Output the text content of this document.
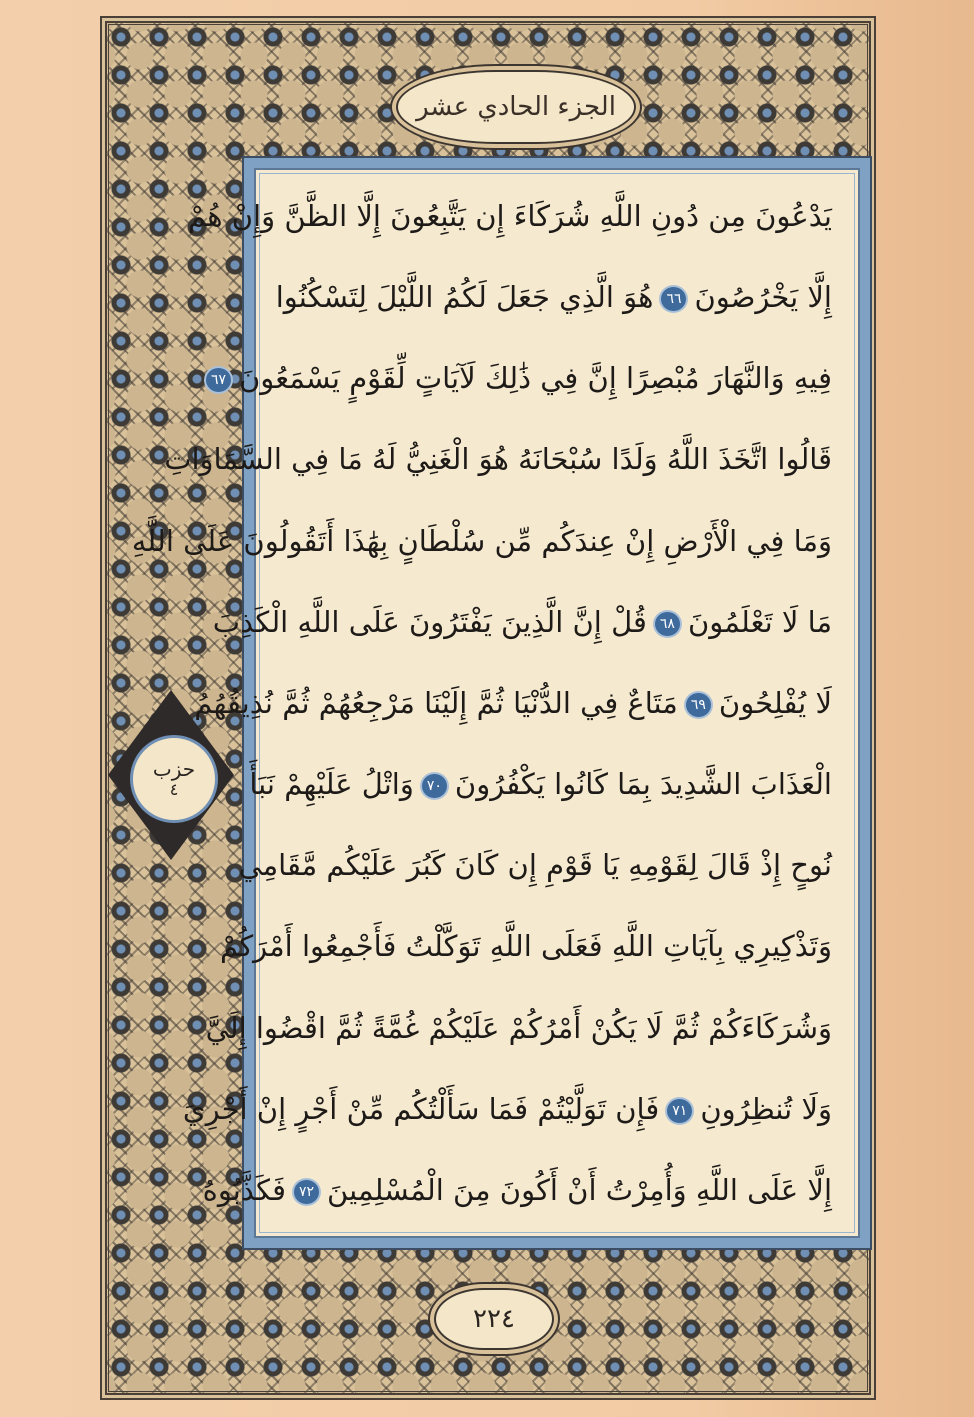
الجزء الحادي عشر
يَدْعُونَ مِن دُونِ اللَّهِ شُرَكَاءَ إِن يَتَّبِعُونَ إِلَّا الظَّنَّ وَإِنْ هُمْ
إِلَّا يَخْرُصُونَ٦٦هُوَ الَّذِي جَعَلَ لَكُمُ اللَّيْلَ لِتَسْكُنُوا
فِيهِ وَالنَّهَارَ مُبْصِرًا إِنَّ فِي ذَٰلِكَ لَآيَاتٍ لِّقَوْمٍ يَسْمَعُونَ٦٧
قَالُوا اتَّخَذَ اللَّهُ وَلَدًا سُبْحَانَهُ هُوَ الْغَنِيُّ لَهُ مَا فِي السَّمَاوَاتِ
وَمَا فِي الْأَرْضِ إِنْ عِندَكُم مِّن سُلْطَانٍ بِهَٰذَا أَتَقُولُونَ عَلَى اللَّهِ
مَا لَا تَعْلَمُونَ٦٨قُلْ إِنَّ الَّذِينَ يَفْتَرُونَ عَلَى اللَّهِ الْكَذِبَ
لَا يُفْلِحُونَ٦٩مَتَاعٌ فِي الدُّنْيَا ثُمَّ إِلَيْنَا مَرْجِعُهُمْ ثُمَّ نُذِيقُهُمُ
الْعَذَابَ الشَّدِيدَ بِمَا كَانُوا يَكْفُرُونَ٧٠وَاتْلُ عَلَيْهِمْ نَبَأَ
نُوحٍ إِذْ قَالَ لِقَوْمِهِ يَا قَوْمِ إِن كَانَ كَبُرَ عَلَيْكُم مَّقَامِي
وَتَذْكِيرِي بِآيَاتِ اللَّهِ فَعَلَى اللَّهِ تَوَكَّلْتُ فَأَجْمِعُوا أَمْرَكُمْ
وَشُرَكَاءَكُمْ ثُمَّ لَا يَكُنْ أَمْرُكُمْ عَلَيْكُمْ غُمَّةً ثُمَّ اقْضُوا إِلَيَّ
وَلَا تُنظِرُونِ٧١فَإِن تَوَلَّيْتُمْ فَمَا سَأَلْتُكُم مِّنْ أَجْرٍ إِنْ أَجْرِيَ
إِلَّا عَلَى اللَّهِ وَأُمِرْتُ أَنْ أَكُونَ مِنَ الْمُسْلِمِينَ٧٢فَكَذَّبُوهُ
حزب
٤
٢٢٤
